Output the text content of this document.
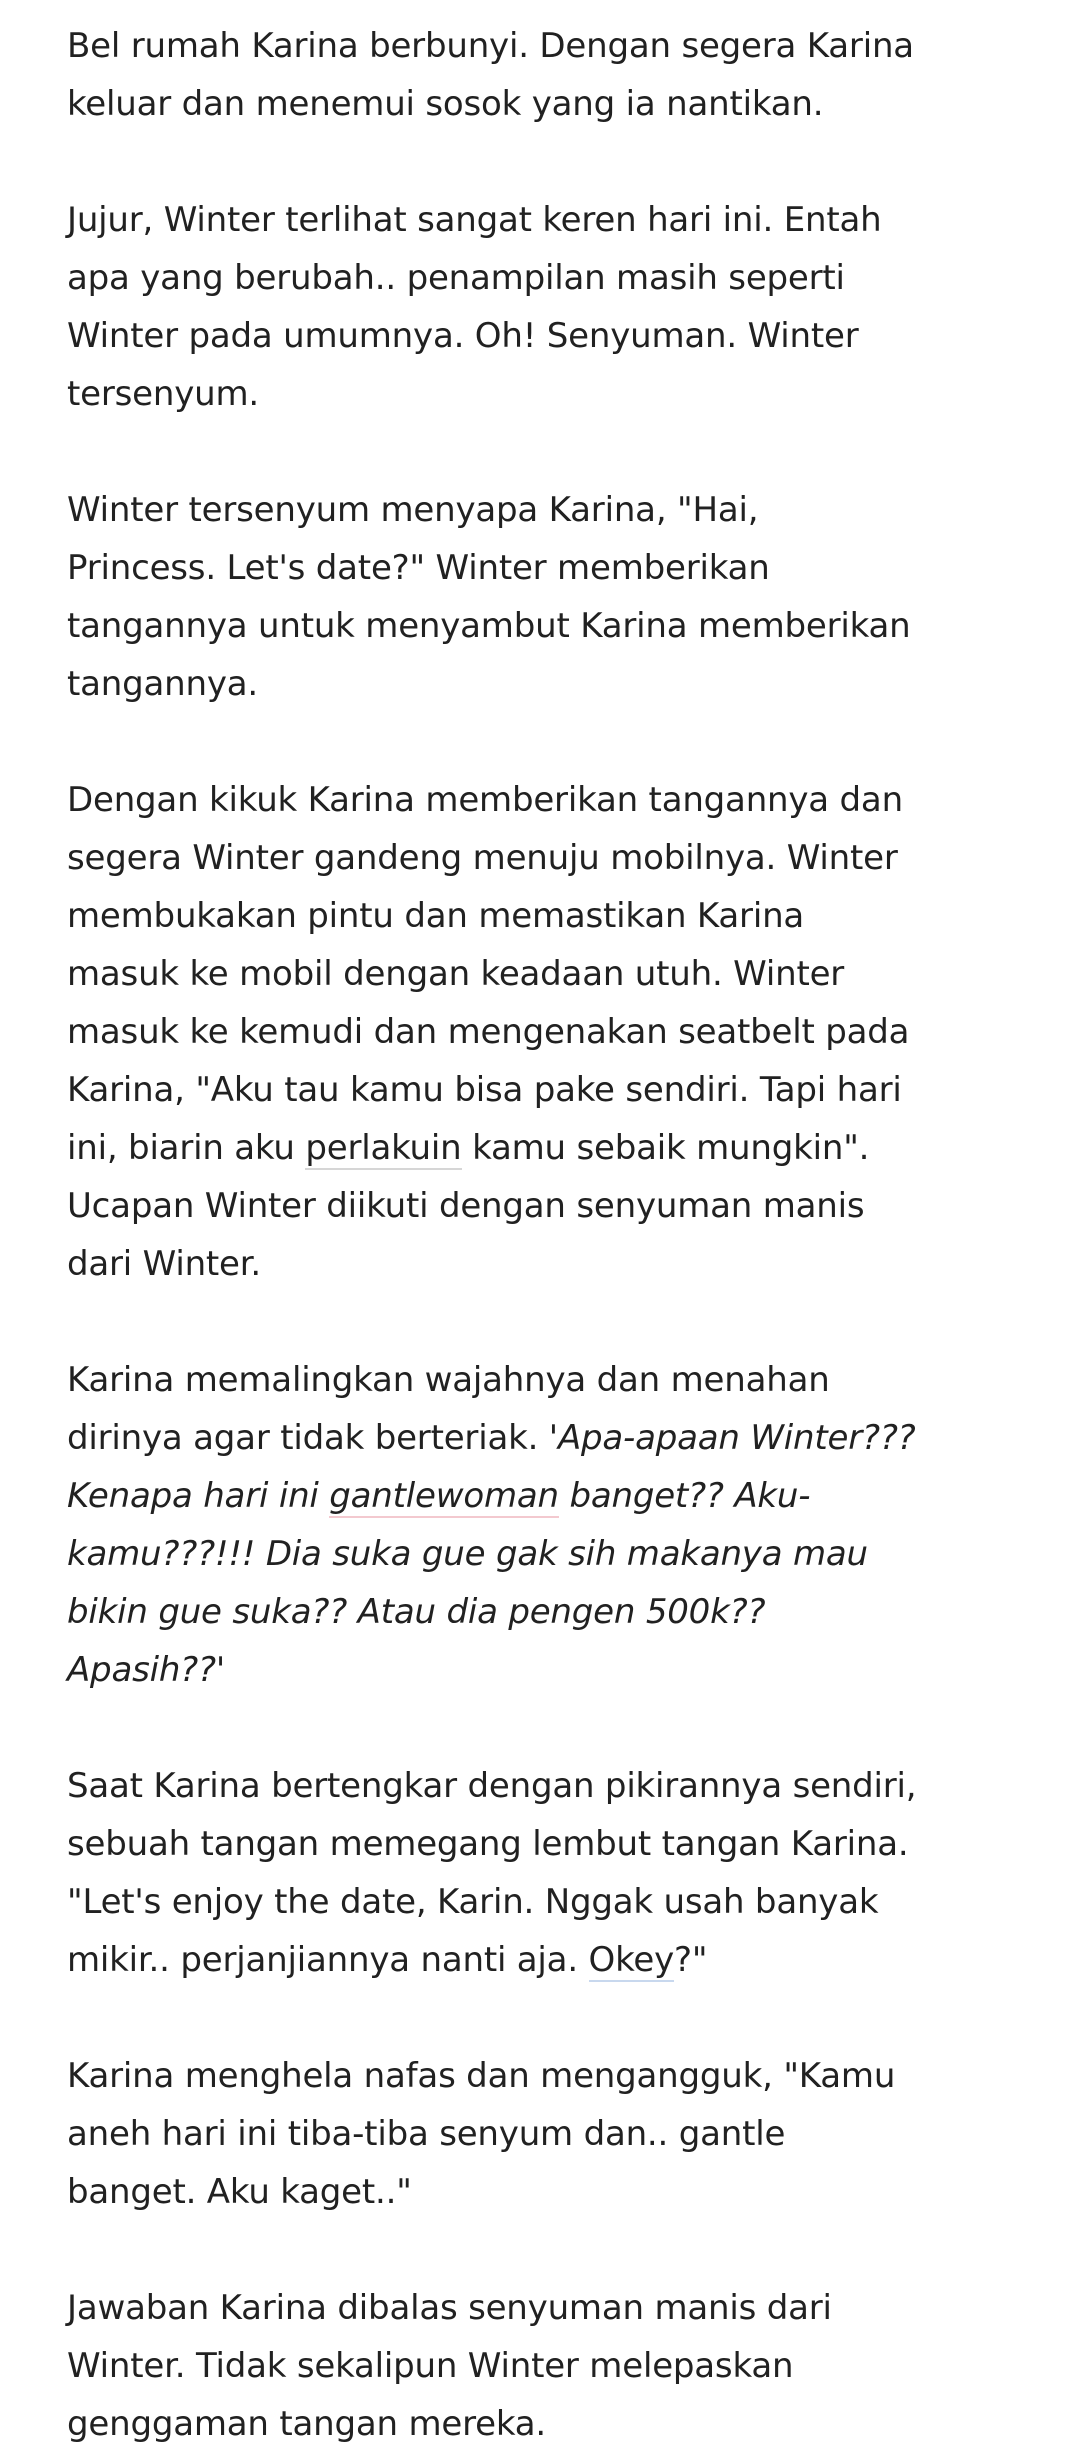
Bel rumah Karina berbunyi. Dengan segera Karina keluar dan menemui sosok yang ia nantikan.

Jujur, Winter terlihat sangat keren hari ini. Entah apa yang berubah.. penampilan masih seperti Winter pada umumnya. Oh! Senyuman. Winter tersenyum.

Winter tersenyum menyapa Karina, "Hai, Princess. Let's date?" Winter memberikan tangannya untuk menyambut Karina memberikan tangannya.

Dengan kikuk Karina memberikan tangannya dan segera Winter gandeng menuju mobilnya. Winter membukakan pintu dan memastikan Karina masuk ke mobil dengan keadaan utuh. Winter masuk ke kemudi dan mengenakan seatbelt pada Karina, "Aku tau kamu bisa pake sendiri. Tapi hari ini, biarin aku perlakuin kamu sebaik mungkin". Ucapan Winter diikuti dengan senyuman manis dari Winter.

Karina memalingkan wajahnya dan menahan dirinya agar tidak berteriak. 'Apa-apaan Winter??? Kenapa hari ini gantlewoman banget?? Aku-kamu???!!! Dia suka gue gak sih makanya mau bikin gue suka?? Atau dia pengen 500k?? Apasih??'

Saat Karina bertengkar dengan pikirannya sendiri, sebuah tangan memegang lembut tangan Karina. "Let's enjoy the date, Karin. Nggak usah banyak mikir.. perjanjiannya nanti aja. Okey?"

Karina menghela nafas dan mengangguk, "Kamu aneh hari ini tiba-tiba senyum dan.. gantle banget. Aku kaget.."

Jawaban Karina dibalas senyuman manis dari Winter. Tidak sekalipun Winter melepaskan genggaman tangan mereka.
